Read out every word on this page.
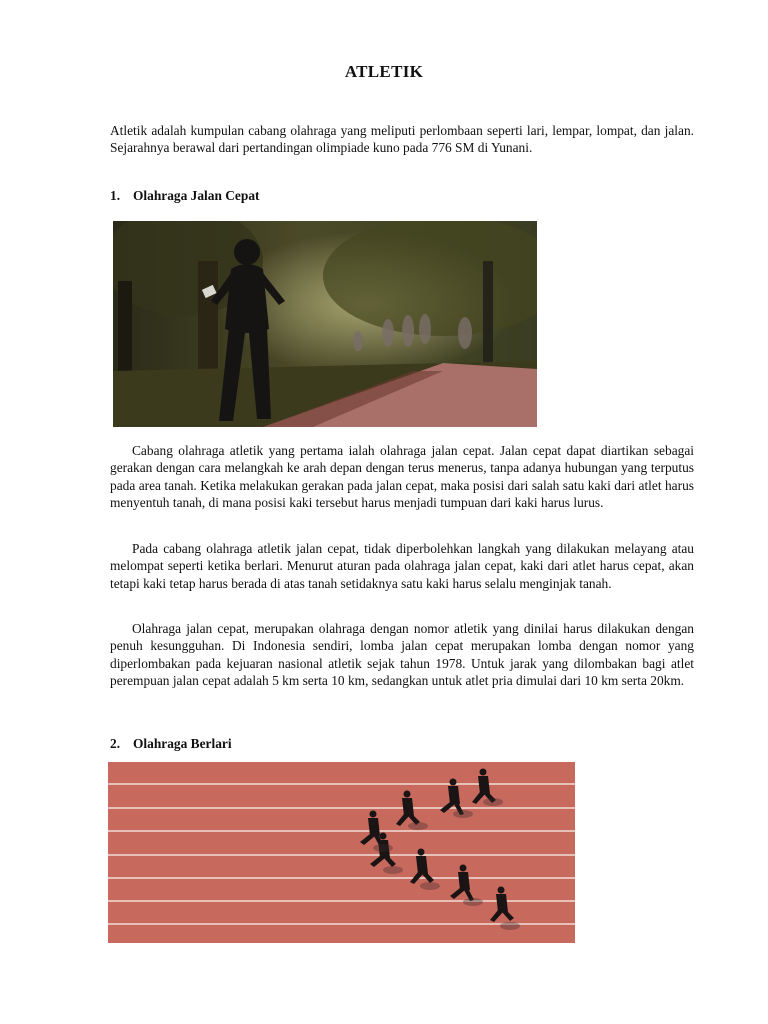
ATLETIK

Atletik adalah kumpulan cabang olahraga yang meliputi perlombaan seperti lari, lempar, lompat, dan jalan. Sejarahnya berawal dari pertandingan olimpiade kuno pada 776 SM di Yunani.

1. Olahraga Jalan Cepat

Cabang olahraga atletik yang pertama ialah olahraga jalan cepat. Jalan cepat dapat diartikan sebagai gerakan dengan cara melangkah ke arah depan dengan terus menerus, tanpa adanya hubungan yang terputus pada area tanah. Ketika melakukan gerakan pada jalan cepat, maka posisi dari salah satu kaki dari atlet harus menyentuh tanah, di mana posisi kaki tersebut harus menjadi tumpuan dari kaki harus lurus.

Pada cabang olahraga atletik jalan cepat, tidak diperbolehkan langkah yang dilakukan melayang atau melompat seperti ketika berlari. Menurut aturan pada olahraga jalan cepat, kaki dari atlet harus cepat, akan tetapi kaki tetap harus berada di atas tanah setidaknya satu kaki harus selalu menginjak tanah.

Olahraga jalan cepat, merupakan olahraga dengan nomor atletik yang dinilai harus dilakukan dengan penuh kesungguhan. Di Indonesia sendiri, lomba jalan cepat merupakan lomba dengan nomor yang diperlombakan pada kejuaran nasional atletik sejak tahun 1978. Untuk jarak yang dilombakan bagi atlet perempuan jalan cepat adalah 5 km serta 10 km, sedangkan untuk atlet pria dimulai dari 10 km serta 20km.

2. Olahraga Berlari
